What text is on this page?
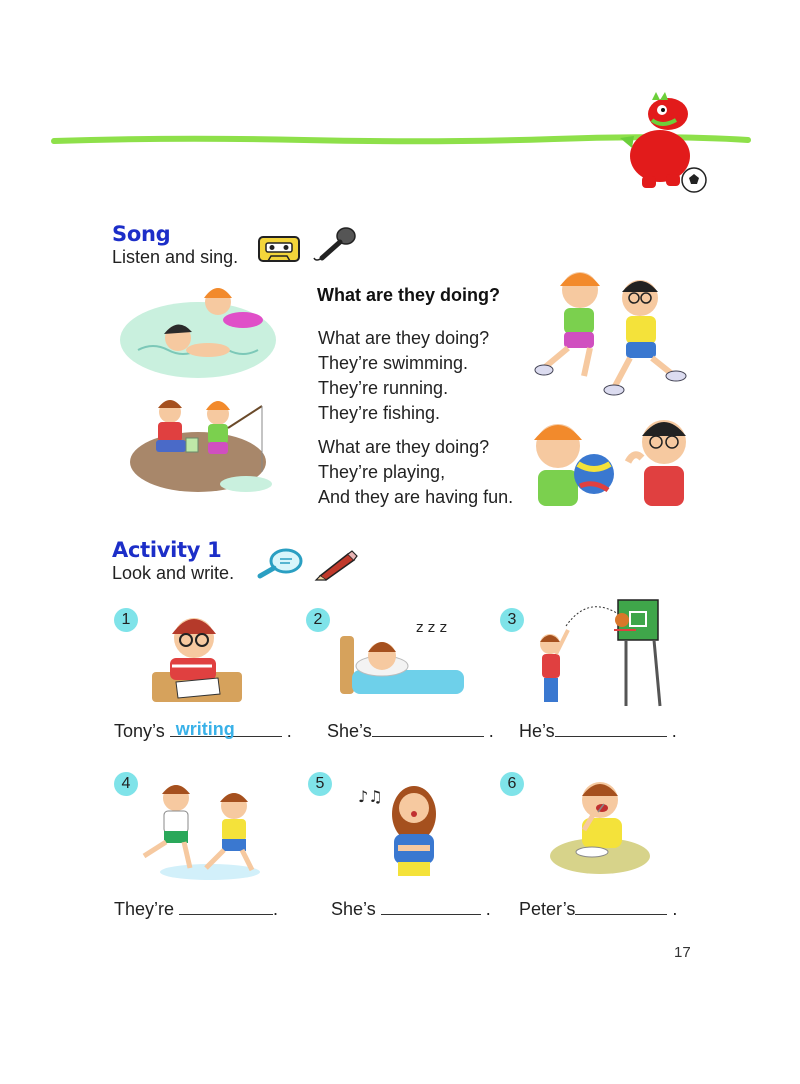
Song
Listen and sing.
What are they doing?
What are they doing?
They’re swimming.
They’re running.
They’re fishing.
What are they doing?
They’re playing,
And they are having fun.
Activity 1
Look and write.
1
Tony’s writing	.
2	z z z
She’s	.
3
He’s	.
4
They’re	.
5
♪♫
She’s	.
6
Peter’s	.
17
